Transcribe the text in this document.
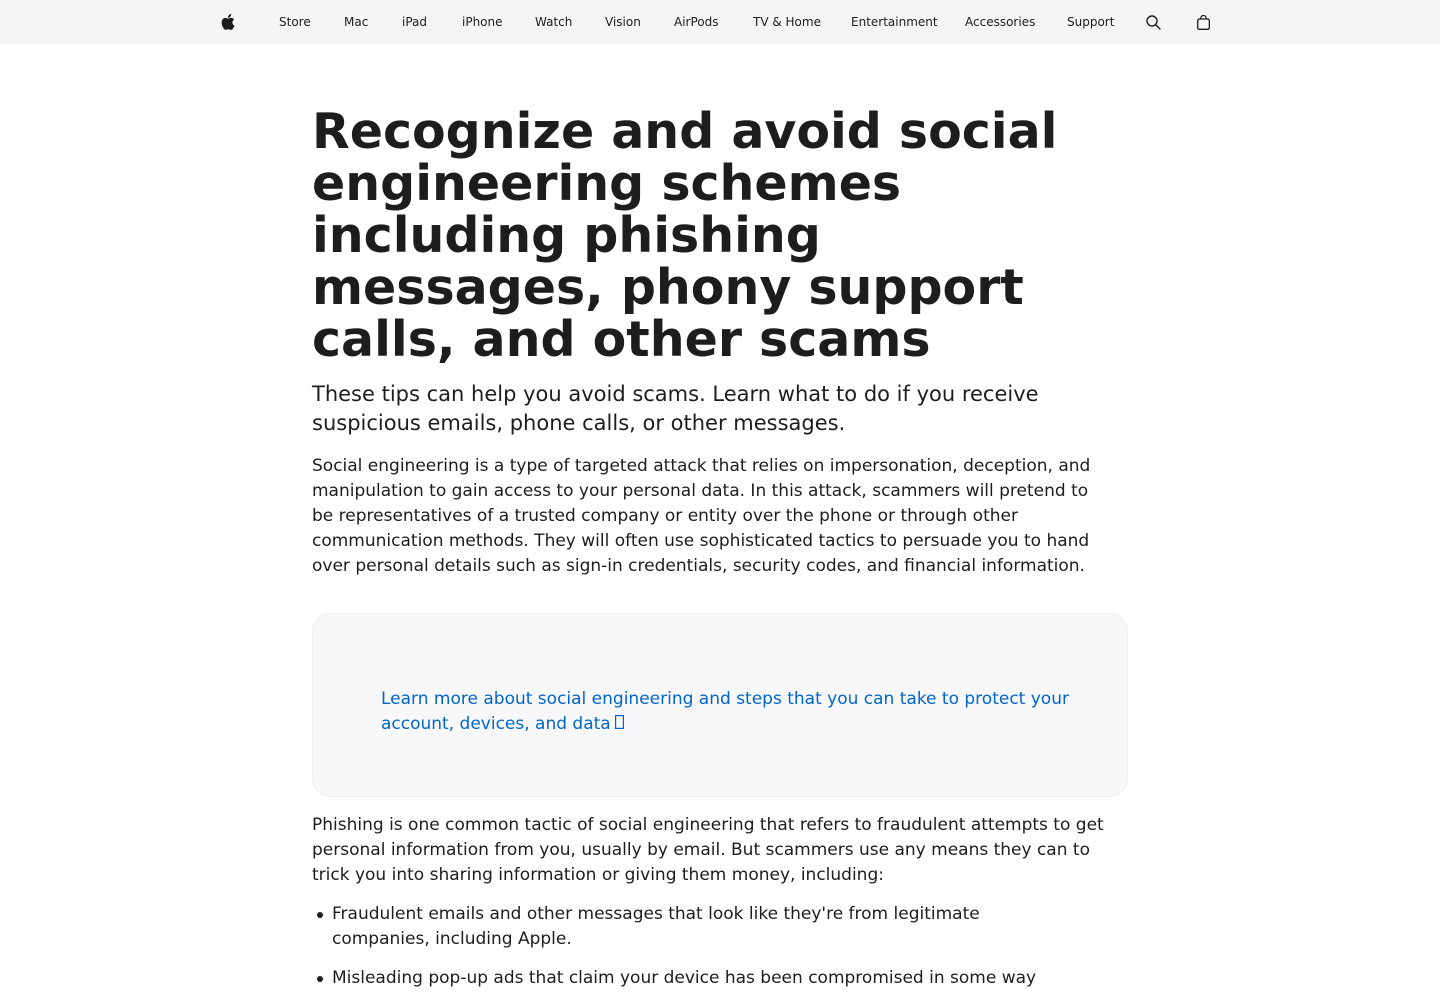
Store	Mac	iPad	iPhone	Watch	Vision	AirPods	TV & Home	Entertainment Accessories	Support
Recognize and avoid social engineering schemes including phishing messages, phony support calls, and other scams

These tips can help you avoid scams. Learn what to do if you receive suspicious emails, phone calls, or other messages.

Social engineering is a type of targeted attack that relies on impersonation, deception, and manipulation to gain access to your personal data. In this attack, scammers will pretend to be representatives of a trusted company or entity over the phone or through other communication methods. They will often use sophisticated tactics to persuade you to hand over personal details such as sign-in credentials, security codes, and financial information.

Learn more about social engineering and steps that you can take to protect your account, devices, and data

Phishing is one common tactic of social engineering that refers to fraudulent attempts to get personal information from you, usually by email. But scammers use any means they can to trick you into sharing information or giving them money, including:

Fraudulent emails and other messages that look like they're from legitimate companies, including Apple.
Misleading pop-up ads that claim your device has been compromised in some way
